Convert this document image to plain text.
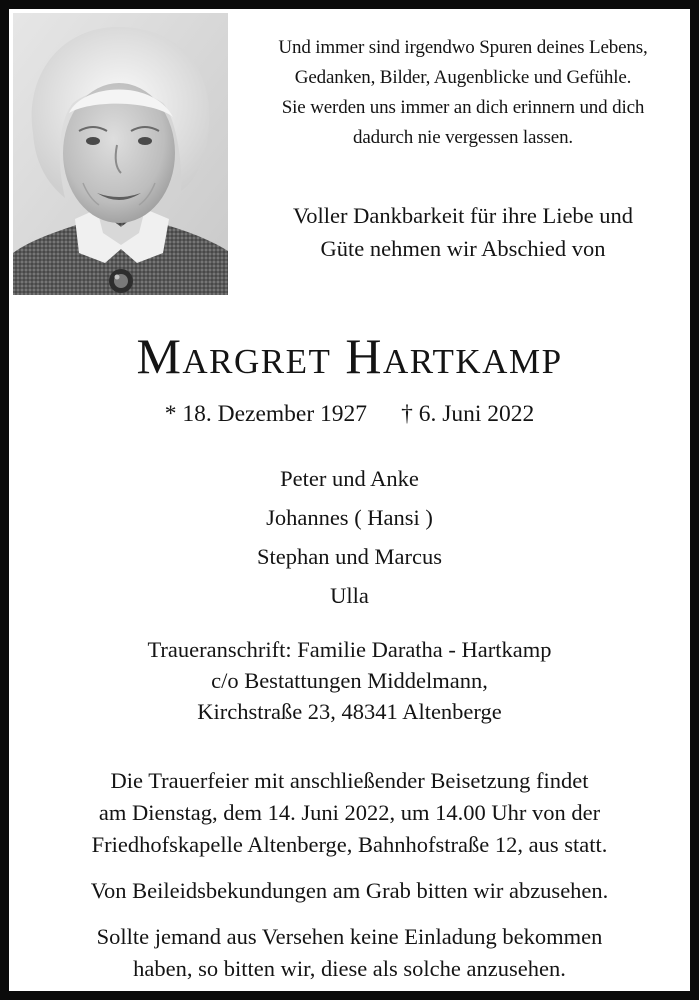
Und immer sind irgendwo Spuren deines Lebens,
Gedanken, Bilder, Augenblicke und Gefühle.
Sie werden uns immer an dich erinnern und dich
dadurch nie vergessen lassen.
Voller Dankbarkeit für ihre Liebe und
Güte nehmen wir Abschied von
Margret Hartkamp
* 18. Dezember 1927 † 6. Juni 2022
Peter und Anke
Johannes ( Hansi )
Stephan und Marcus
Ulla
Traueranschrift: Familie Daratha - Hartkamp
c/o Bestattungen Middelmann,
Kirchstraße 23, 48341 Altenberge
Die Trauerfeier mit anschließender Beisetzung findet
am Dienstag, dem 14. Juni 2022, um 14.00 Uhr von der
Friedhofskapelle Altenberge, Bahnhofstraße 12, aus statt.
Von Beileidsbekundungen am Grab bitten wir abzusehen.
Sollte jemand aus Versehen keine Einladung bekommen
haben, so bitten wir, diese als solche anzusehen.
